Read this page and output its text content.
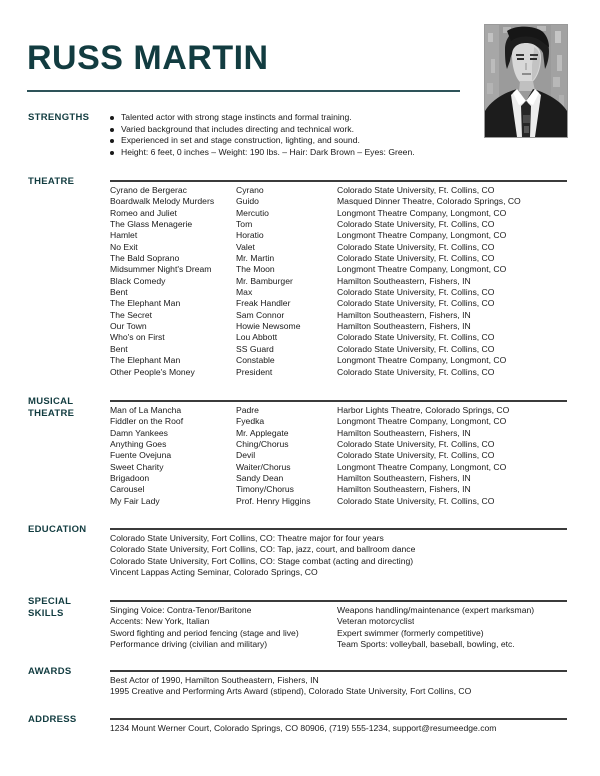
RUSS MARTIN
STRENGTHS	Talented actor with strong stage instincts and formal training.
Varied background that includes directing and technical work.
Experienced in set and stage construction, lighting, and sound.
Height: 6 feet, 0 inches – Weight: 190 lbs. – Hair: Dark Brown – Eyes: Green.
THEATRE
Cyrano de Bergerac	Cyrano	Colorado State University, Ft. Collins, CO
Boardwalk Melody Murders	Guido	Masqued Dinner Theatre, Colorado Springs, CO
Romeo and Juliet	Mercutio	Longmont Theatre Company, Longmont, CO
The Glass Menagerie	Tom	Colorado State University, Ft. Collins, CO
Hamlet	Horatio	Longmont Theatre Company, Longmont, CO
No Exit	Valet	Colorado State University, Ft. Collins, CO
The Bald Soprano	Mr. Martin	Colorado State University, Ft. Collins, CO
Midsummer Night's Dream	The Moon	Longmont Theatre Company, Longmont, CO
Black Comedy	Mr. Bamburger	Hamilton Southeastern, Fishers, IN
Bent	Max	Colorado State University, Ft. Collins, CO
The Elephant Man	Freak Handler	Colorado State University, Ft. Collins, CO
The Secret	Sam Connor	Hamilton Southeastern, Fishers, IN
Our Town	Howie Newsome	Hamilton Southeastern, Fishers, IN
Who's on First	Lou Abbott	Colorado State University, Ft. Collins, CO
Bent	SS Guard	Colorado State University, Ft. Collins, CO
The Elephant Man	Constable	Longmont Theatre Company, Longmont, CO
Other People's Money	President	Colorado State University, Ft. Collins, CO
MUSICAL
THEATRE	Man of La Mancha	Padre	Harbor Lights Theatre, Colorado Springs, CO
Fiddler on the Roof	Fyedka	Longmont Theatre Company, Longmont, CO
Damn Yankees	Mr. Applegate	Hamilton Southeastern, Fishers, IN
Anything Goes	Ching/Chorus	Colorado State University, Ft. Collins, CO
Fuente Ovejuna	Devil	Colorado State University, Ft. Collins, CO
Sweet Charity	Waiter/Chorus	Longmont Theatre Company, Longmont, CO
Brigadoon	Sandy Dean	Hamilton Southeastern, Fishers, IN
Carousel	Timony/Chorus	Hamilton Southeastern, Fishers, IN
My Fair Lady	Prof. Henry Higgins	Colorado State University, Ft. Collins, CO
EDUCATION
Colorado State University, Fort Collins, CO: Theatre major for four years
Colorado State University, Fort Collins, CO: Tap, jazz, court, and ballroom dance
Colorado State University, Fort Collins, CO: Stage combat (acting and directing)
Vincent Lappas Acting Seminar, Colorado Springs, CO
SPECIAL
SKILLS	Singing Voice: Contra-Tenor/Baritone	Weapons handling/maintenance (expert marksman)
Accents: New York, Italian	Veteran motorcyclist
Sword fighting and period fencing (stage and live)	Expert swimmer (formerly competitive)
Performance driving (civilian and military)	Team Sports: volleyball, baseball, bowling, etc.
AWARDS
Best Actor of 1990, Hamilton Southeastern, Fishers, IN
1995 Creative and Performing Arts Award (stipend), Colorado State University, Fort Collins, CO
ADDRESS
1234 Mount Werner Court, Colorado Springs, CO 80906, (719) 555-1234, support@resumeedge.com
